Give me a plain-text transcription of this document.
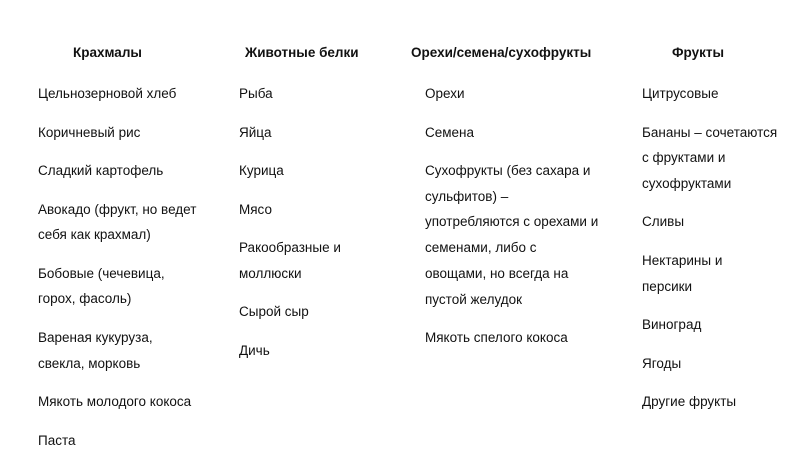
Крахмалы
Цельнозерновой хлеб
Коричневый рис
Сладкий картофель
Авокадо (фрукт, но ведет
себя как крахмал)
Бобовые (чечевица,
горох, фасоль)
Вареная кукуруза,
свекла, морковь
Мякоть молодого кокоса
Паста
Животные белки
Рыба
Яйца
Курица
Мясо
Ракообразные и
моллюски
Сырой сыр
Дичь
Орехи/семена/сухофрукты
Орехи
Семена
Сухофрукты (без сахара и
сульфитов) –
употребляются с орехами и
семенами, либо с
овощами, но всегда на
пустой желудок
Мякоть спелого кокоса
Фрукты
Цитрусовые
Бананы – сочетаются
с фруктами и
сухофруктами
Сливы
Нектарины и
персики
Виноград
Ягоды
Другие фрукты
